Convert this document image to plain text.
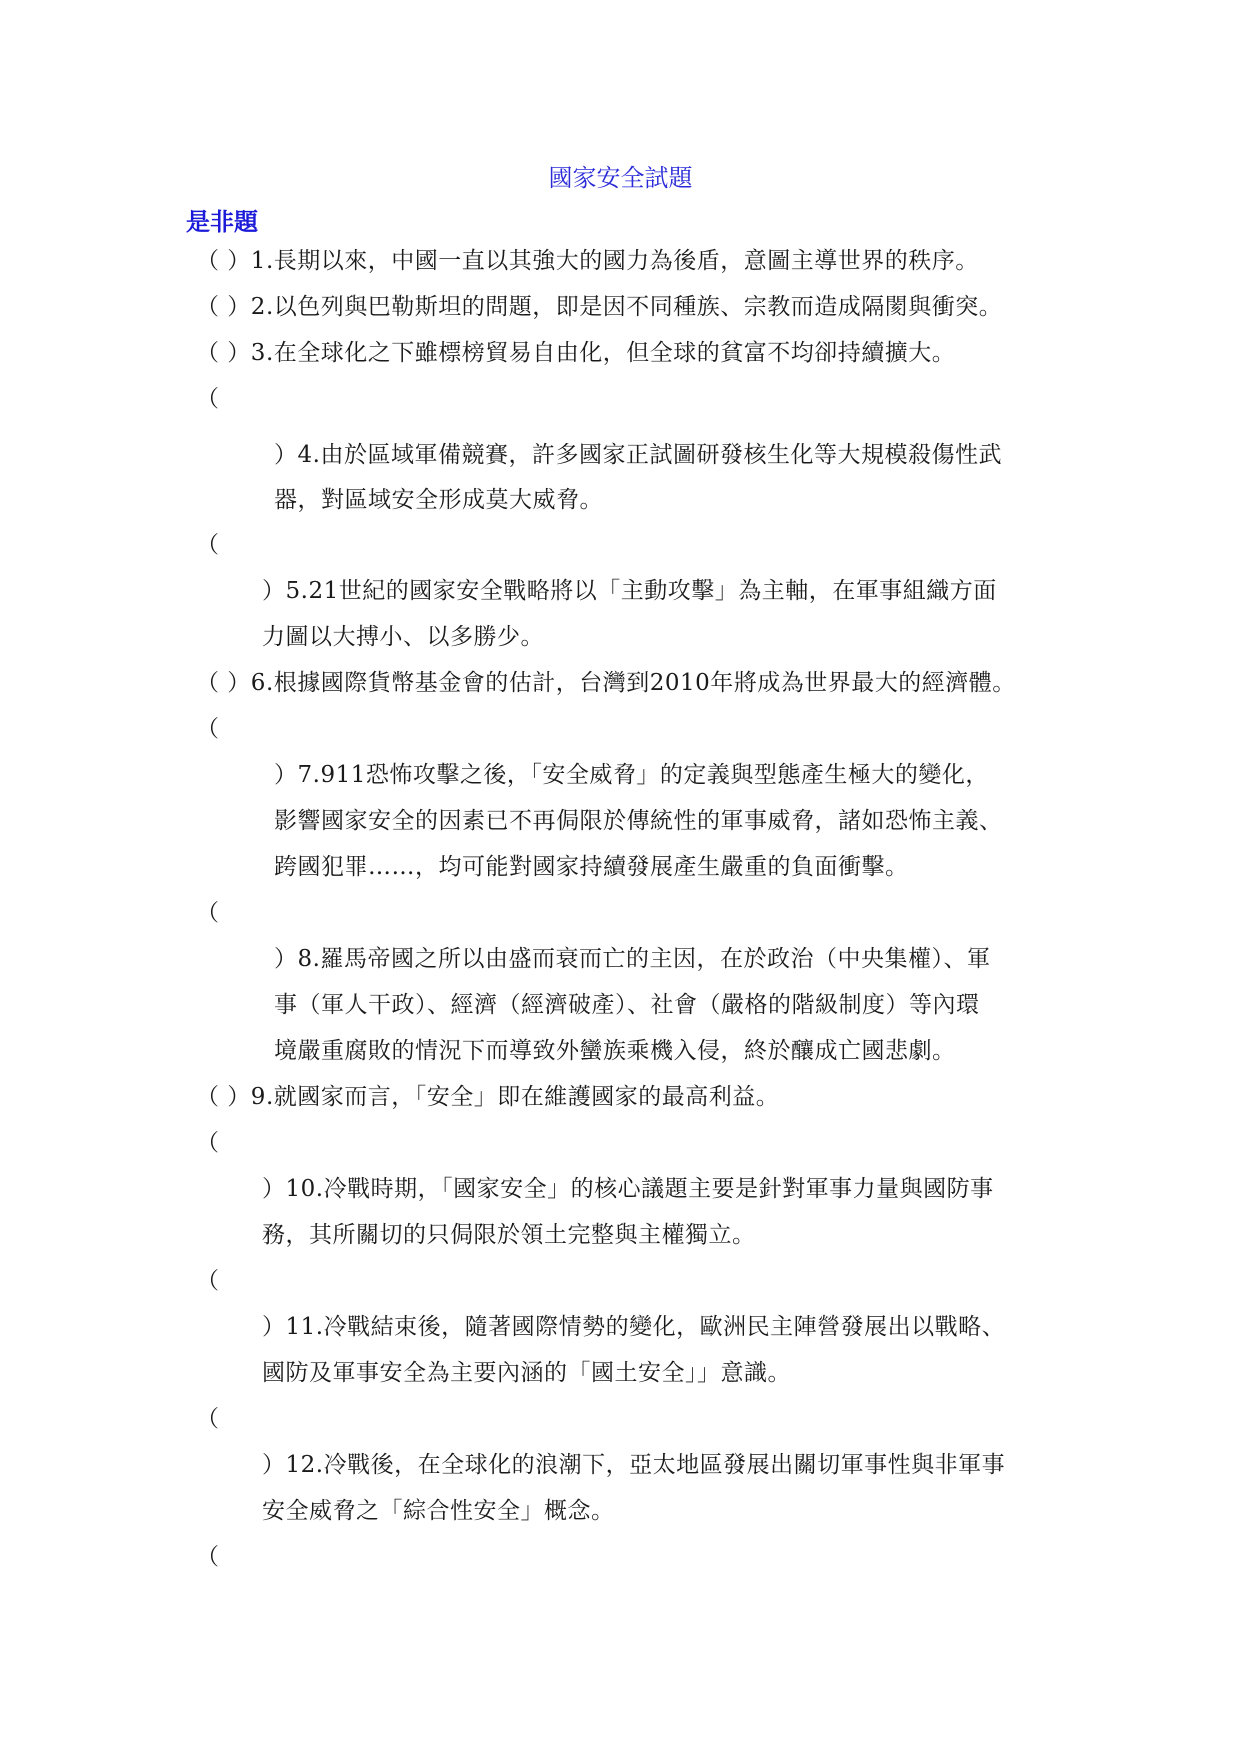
國家安全試題
是非題
（ ）1.長期以來，中國一直以其強大的國力為後盾，意圖主導世界的秩序。
（ ）2.以色列與巴勒斯坦的問題，即是因不同種族、宗教而造成隔閡與衝突。
（ ）3.在全球化之下雖標榜貿易自由化，但全球的貧富不均卻持續擴大。
（
）4.由於區域軍備競賽，許多國家正試圖研發核生化等大規模殺傷性武
器，對區域安全形成莫大威脅。
（
）5.21世紀的國家安全戰略將以「主動攻擊」為主軸，在軍事組織方面
力圖以大搏小、以多勝少。
（ ）6.根據國際貨幣基金會的估計，台灣到2010年將成為世界最大的經濟體。
（
）7.911恐怖攻擊之後，「安全威脅」的定義與型態產生極大的變化，
影響國家安全的因素已不再侷限於傳統性的軍事威脅，諸如恐怖主義、
跨國犯罪……，均可能對國家持續發展產生嚴重的負面衝擊。
（
）8.羅馬帝國之所以由盛而衰而亡的主因，在於政治（中央集權）、軍
事（軍人干政）、經濟（經濟破產）、社會（嚴格的階級制度）等內環
境嚴重腐敗的情況下而導致外蠻族乘機入侵，終於釀成亡國悲劇。
（ ）9.就國家而言，「安全」即在維護國家的最高利益。
（
）10.冷戰時期，「國家安全」的核心議題主要是針對軍事力量與國防事
務，其所關切的只侷限於領土完整與主權獨立。
（
）11.冷戰結束後，隨著國際情勢的變化，歐洲民主陣營發展出以戰略、
國防及軍事安全為主要內涵的「國土安全」」意識。
（
）12.冷戰後，在全球化的浪潮下，亞太地區發展出關切軍事性與非軍事
安全威脅之「綜合性安全」概念。
（
